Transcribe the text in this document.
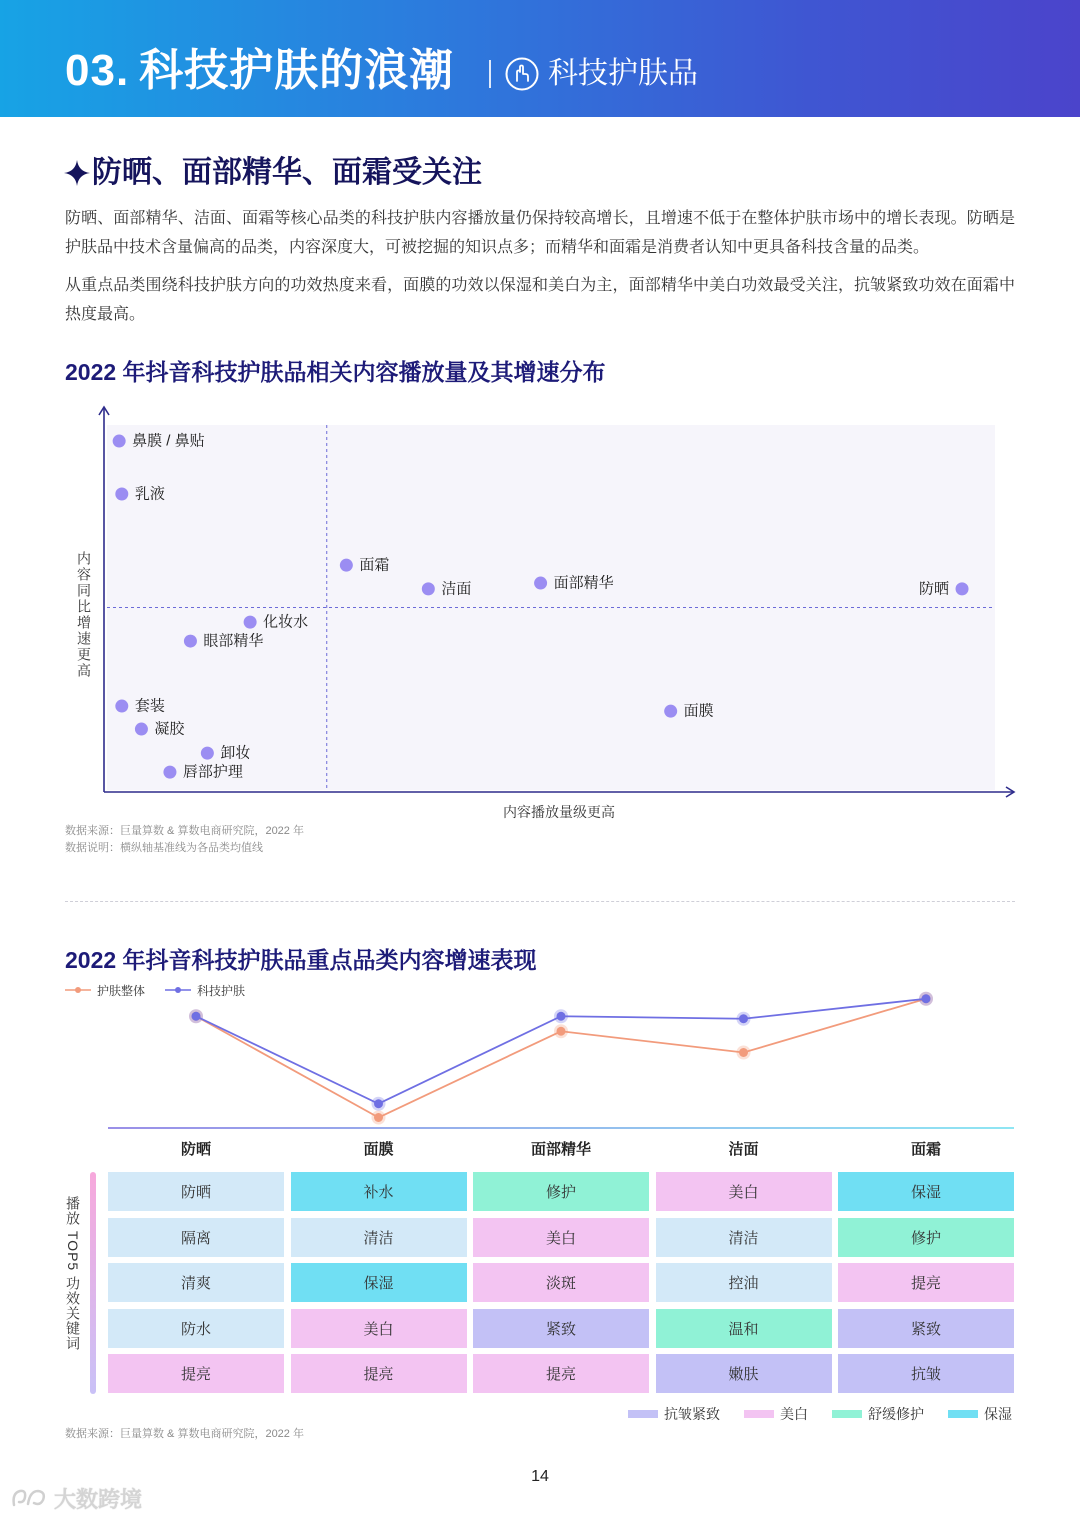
03. 科技护肤的浪潮	科技护肤品
防晒、面部精华、面霜受关注

防晒、面部精华、洁面、面霜等核心品类的科技护肤内容播放量仍保持较高增长，且增速不低于在整体护肤市场中的增长表现。防晒是护肤品中技术含量偏高的品类，内容深度大，可被挖掘的知识点多；而精华和面霜是消费者认知中更具备科技含量的品类。

从重点品类围绕科技护肤方向的功效热度来看，面膜的功效以保湿和美白为主，面部精华中美白功效最受关注，抗皱紧致功效在面霜中热度最高。

2022 年抖音科技护肤品相关内容播放量及其增速分布
鼻膜 / 鼻贴
乳液
面霜
洁面	面部精华	防晒
化妆水
眼部精华
套装
凝胶
卸妆
唇部护理
面膜
内容同比增速更高
内容播放量级更高
数据来源：巨量算数 & 算数电商研究院，2022 年
数据说明：横纵轴基准线为各品类均值线
2022 年抖音科技护肤品重点品类内容增速表现
护肤整体	科技护肤
防晒	面膜	面部精华	洁面	面霜
播放 TOP5 功效关键词
防晒	补水	修护	美白	保湿
隔离	清洁	美白	清洁	修护
清爽	保湿	淡斑	控油	提亮
防水	美白	紧致	温和	紧致
提亮	提亮	提亮	嫩肤	抗皱
抗皱紧致	美白	舒缓修护	保湿
数据来源：巨量算数 & 算数电商研究院，2022 年
14
大数跨境
